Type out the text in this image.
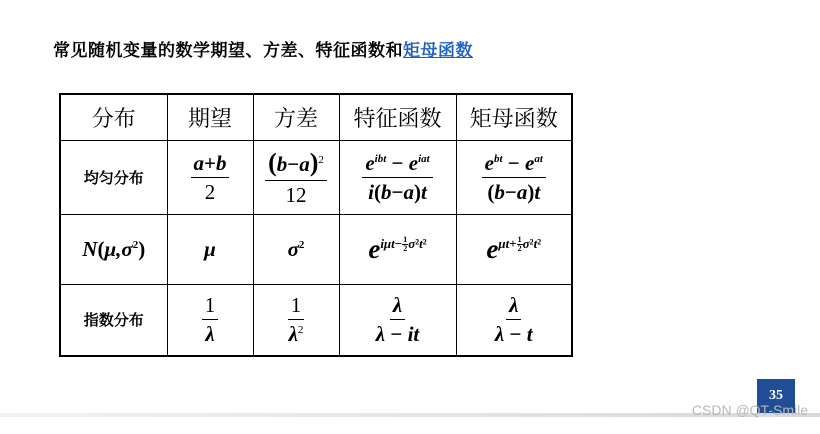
常见随机变量的数学期望、方差、特征函数和矩母函数
分布	期望	方差	特征函数	矩母函数
均匀分布	$\frac{a+b}{2}$	$\frac{(b-a)^2}{12}$	$\frac{e^{ibt} - e^{iat}}{i(b-a)t}$	$\frac{e^{bt} - e^{at}}{(b-a)t}$

$N(\mu,\sigma^2)$	μ	$\sigma^2$	$e^{i\mu t- \frac{1}{2} \sigma^2t^2}$	$e^{\mu t+ \frac{1}{2} \sigma^2t^2}$
指数分布	$\frac{1}{\lambda}$	$\frac{1}{\lambda^2}$	$\frac{\lambda}{\lambda - it}$	$\frac{\lambda}{\lambda - t}$
35
CSDN @QT-Smile
